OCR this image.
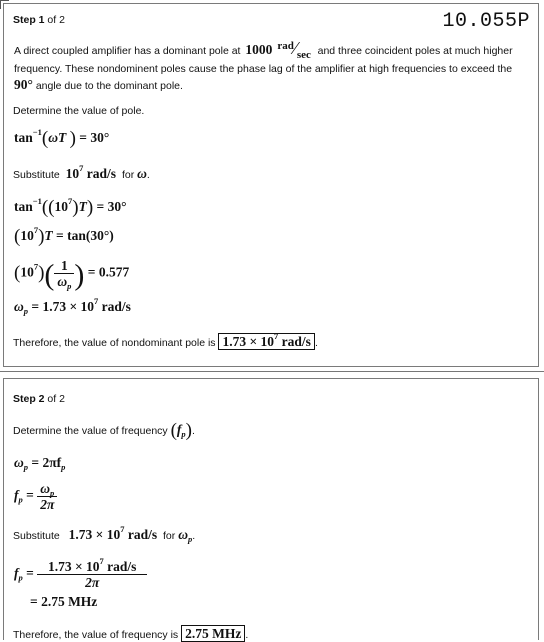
Step 1 of 2	10.055P
A direct coupled amplifier has a dominant pole at 1000 $^{rad}⁄_{sec}$ and three coincident poles at much higher
frequency. These nondominent poles cause the phase lag of the amplifier at high frequencies to exceed the
90° angle due to the dominant pole.
Determine the value of pole.
$\tan^{-1}(\omega T$ ) = 30°
Substitute $10^7$ rad/s for ω.
$\tan^{-1}((10^7)T) = 30^\circ$
$(10^7)T = \tan(30^\circ)$
$(10^7)( \frac{1}{\omega_p}$ ) = 0.577
$\omega_p = 1.73 \times 10^7$ rad/s
Therefore, the value of nondominant pole is $1.73 \times 10^7$ rad/s .
Step 2 of 2
Determine the value of frequency $(f_p)$.
$\omega_p = 2\pi f_p$
$f_p = \frac{\omega_p}{2\pi}$
Substitute $1.73 \times 10^7$ rad/s for $\omega_p$.
$f_p = \frac{1.73 \times 10^7 rad/s}{2\pi}$
= 2.75 MHz
Therefore, the value of frequency is 2.75 MHz .
